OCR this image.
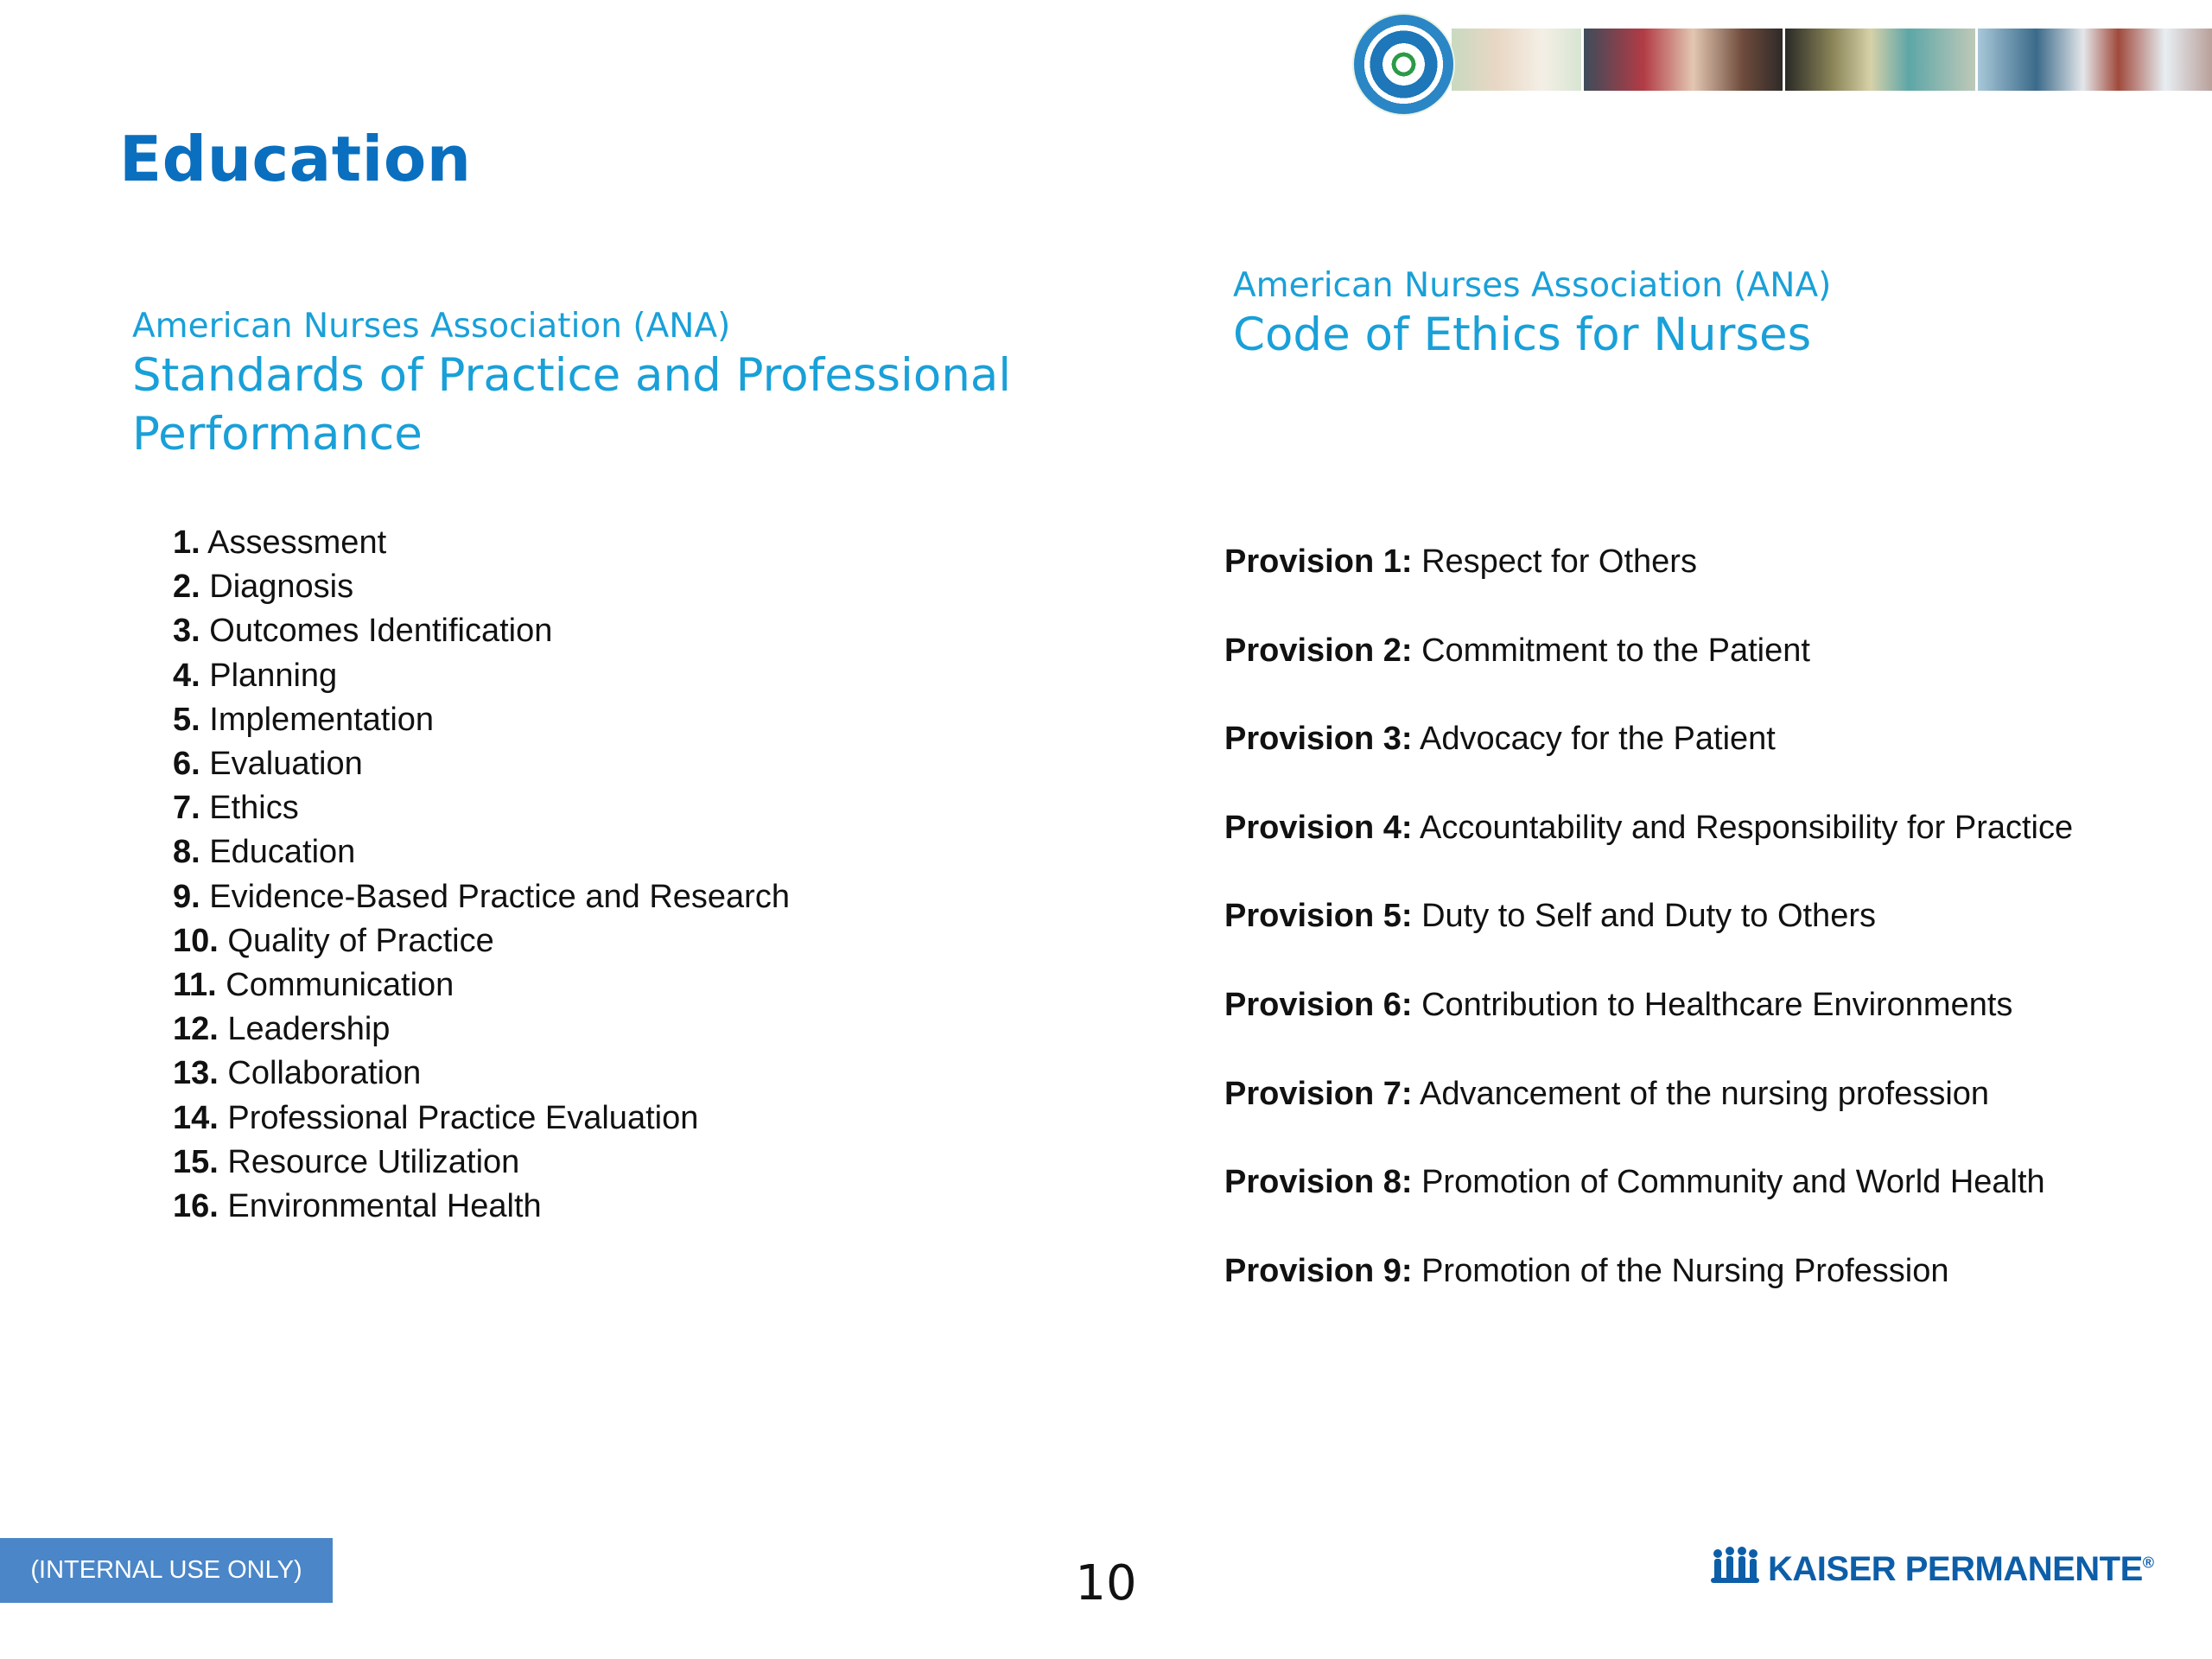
Education
American Nurses Association (ANA)
Standards of Practice and Professional
Performance
1. Assessment
2. Diagnosis
3. Outcomes Identification
4. Planning
5. Implementation
6. Evaluation
7. Ethics
8. Education
9. Evidence-Based Practice and Research
10. Quality of Practice
11. Communication
12. Leadership
13. Collaboration
14. Professional Practice Evaluation
15. Resource Utilization
16. Environmental Health
American Nurses Association (ANA)
Code of Ethics for Nurses
Provision 1: Respect for Others
Provision 2: Commitment to the Patient
Provision 3: Advocacy for the Patient
Provision 4: Accountability and Responsibility for Practice
Provision 5: Duty to Self and Duty to Others
Provision 6: Contribution to Healthcare Environments
Provision 7: Advancement of the nursing profession
Provision 8: Promotion of Community and World Health
Provision 9: Promotion of the Nursing Profession
(INTERNAL USE ONLY)	10	KAISER PERMANENTE®
